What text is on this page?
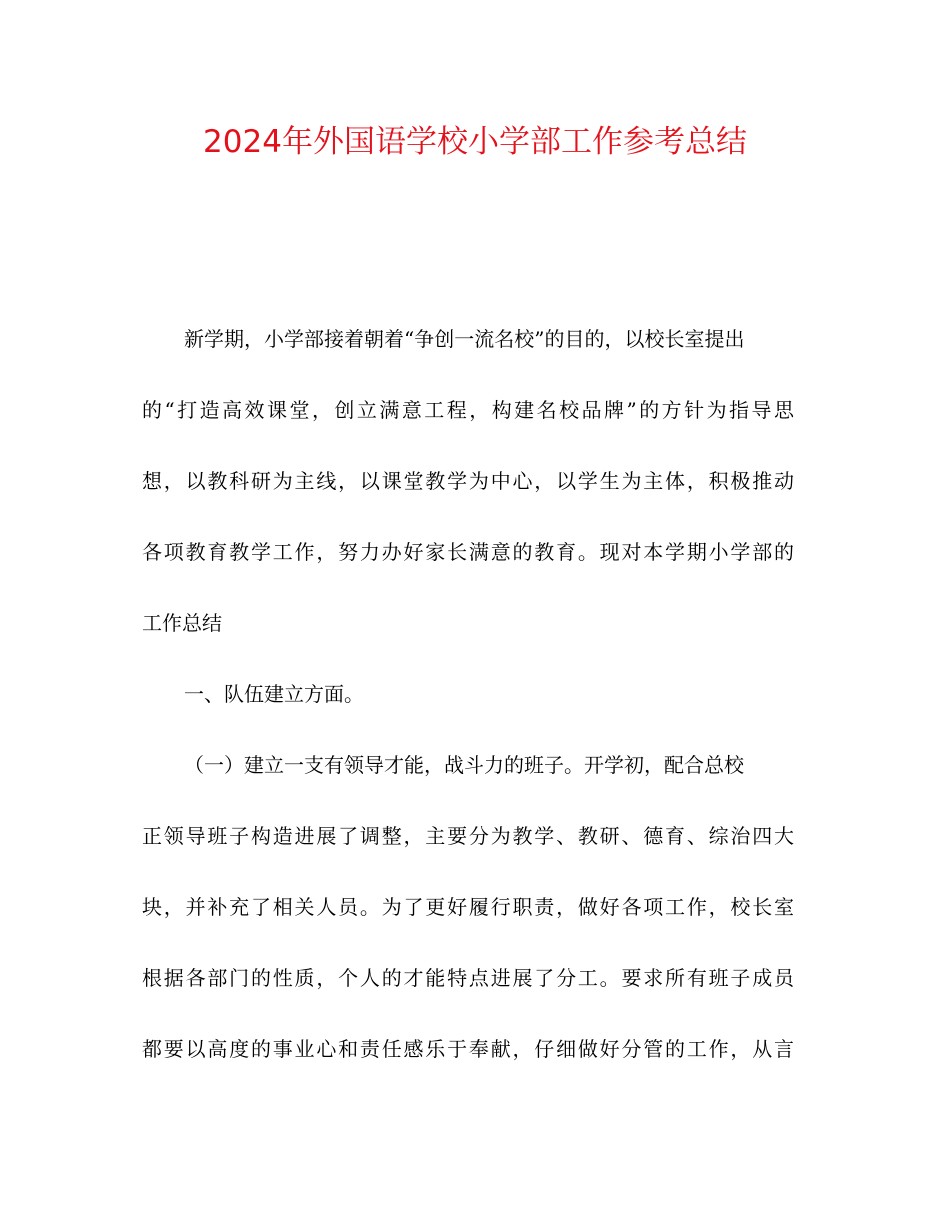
2024年外国语学校小学部工作参考总结
新学期，小学部接着朝着“争创一流名校”的目的，以校长室提出
的“打造高效课堂，创立满意工程，构建名校品牌”的方针为指导思
想，以教科研为主线，以课堂教学为中心，以学生为主体，积极推动
各项教育教学工作，努力办好家长满意的教育。现对本学期小学部的
工作总结
一、队伍建立方面。
（一）建立一支有领导才能，战斗力的班子。开学初，配合总校
正领导班子构造进展了调整，主要分为教学、教研、德育、综治四大
块，并补充了相关人员。为了更好履行职责，做好各项工作，校长室
根据各部门的性质，个人的才能特点进展了分工。要求所有班子成员
都要以高度的事业心和责任感乐于奉献，仔细做好分管的工作，从言
